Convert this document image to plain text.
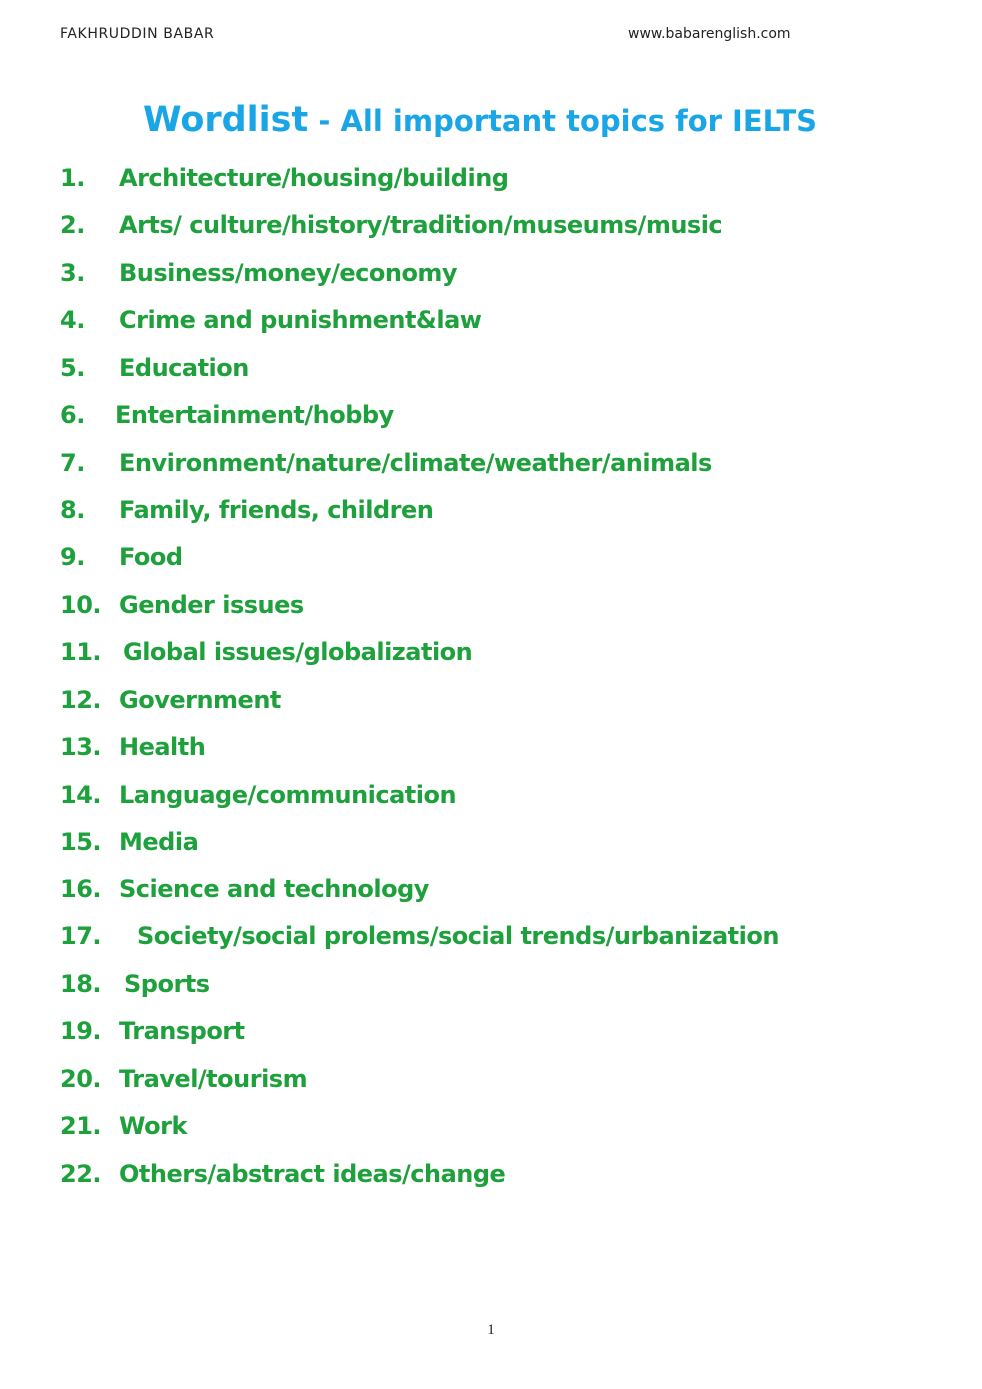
FAKHRUDDIN BABAR	www.babarenglish.com
Wordlist - All important topics for IELTS
1. Architecture/housing/building
2. Arts/ culture/history/tradition/museums/music
3. Business/money/economy
4. Crime and punishment&law
5. Education
6. Entertainment/hobby
7. Environment/nature/climate/weather/animals
8. Family, friends, children
9. Food
10. Gender issues
11. Global issues/globalization
12. Government
13. Health
14. Language/communication
15. Media
16. Science and technology
17. Society/social prolems/social trends/urbanization
18. Sports
19. Transport
20. Travel/tourism
21. Work
22. Others/abstract ideas/change
1
